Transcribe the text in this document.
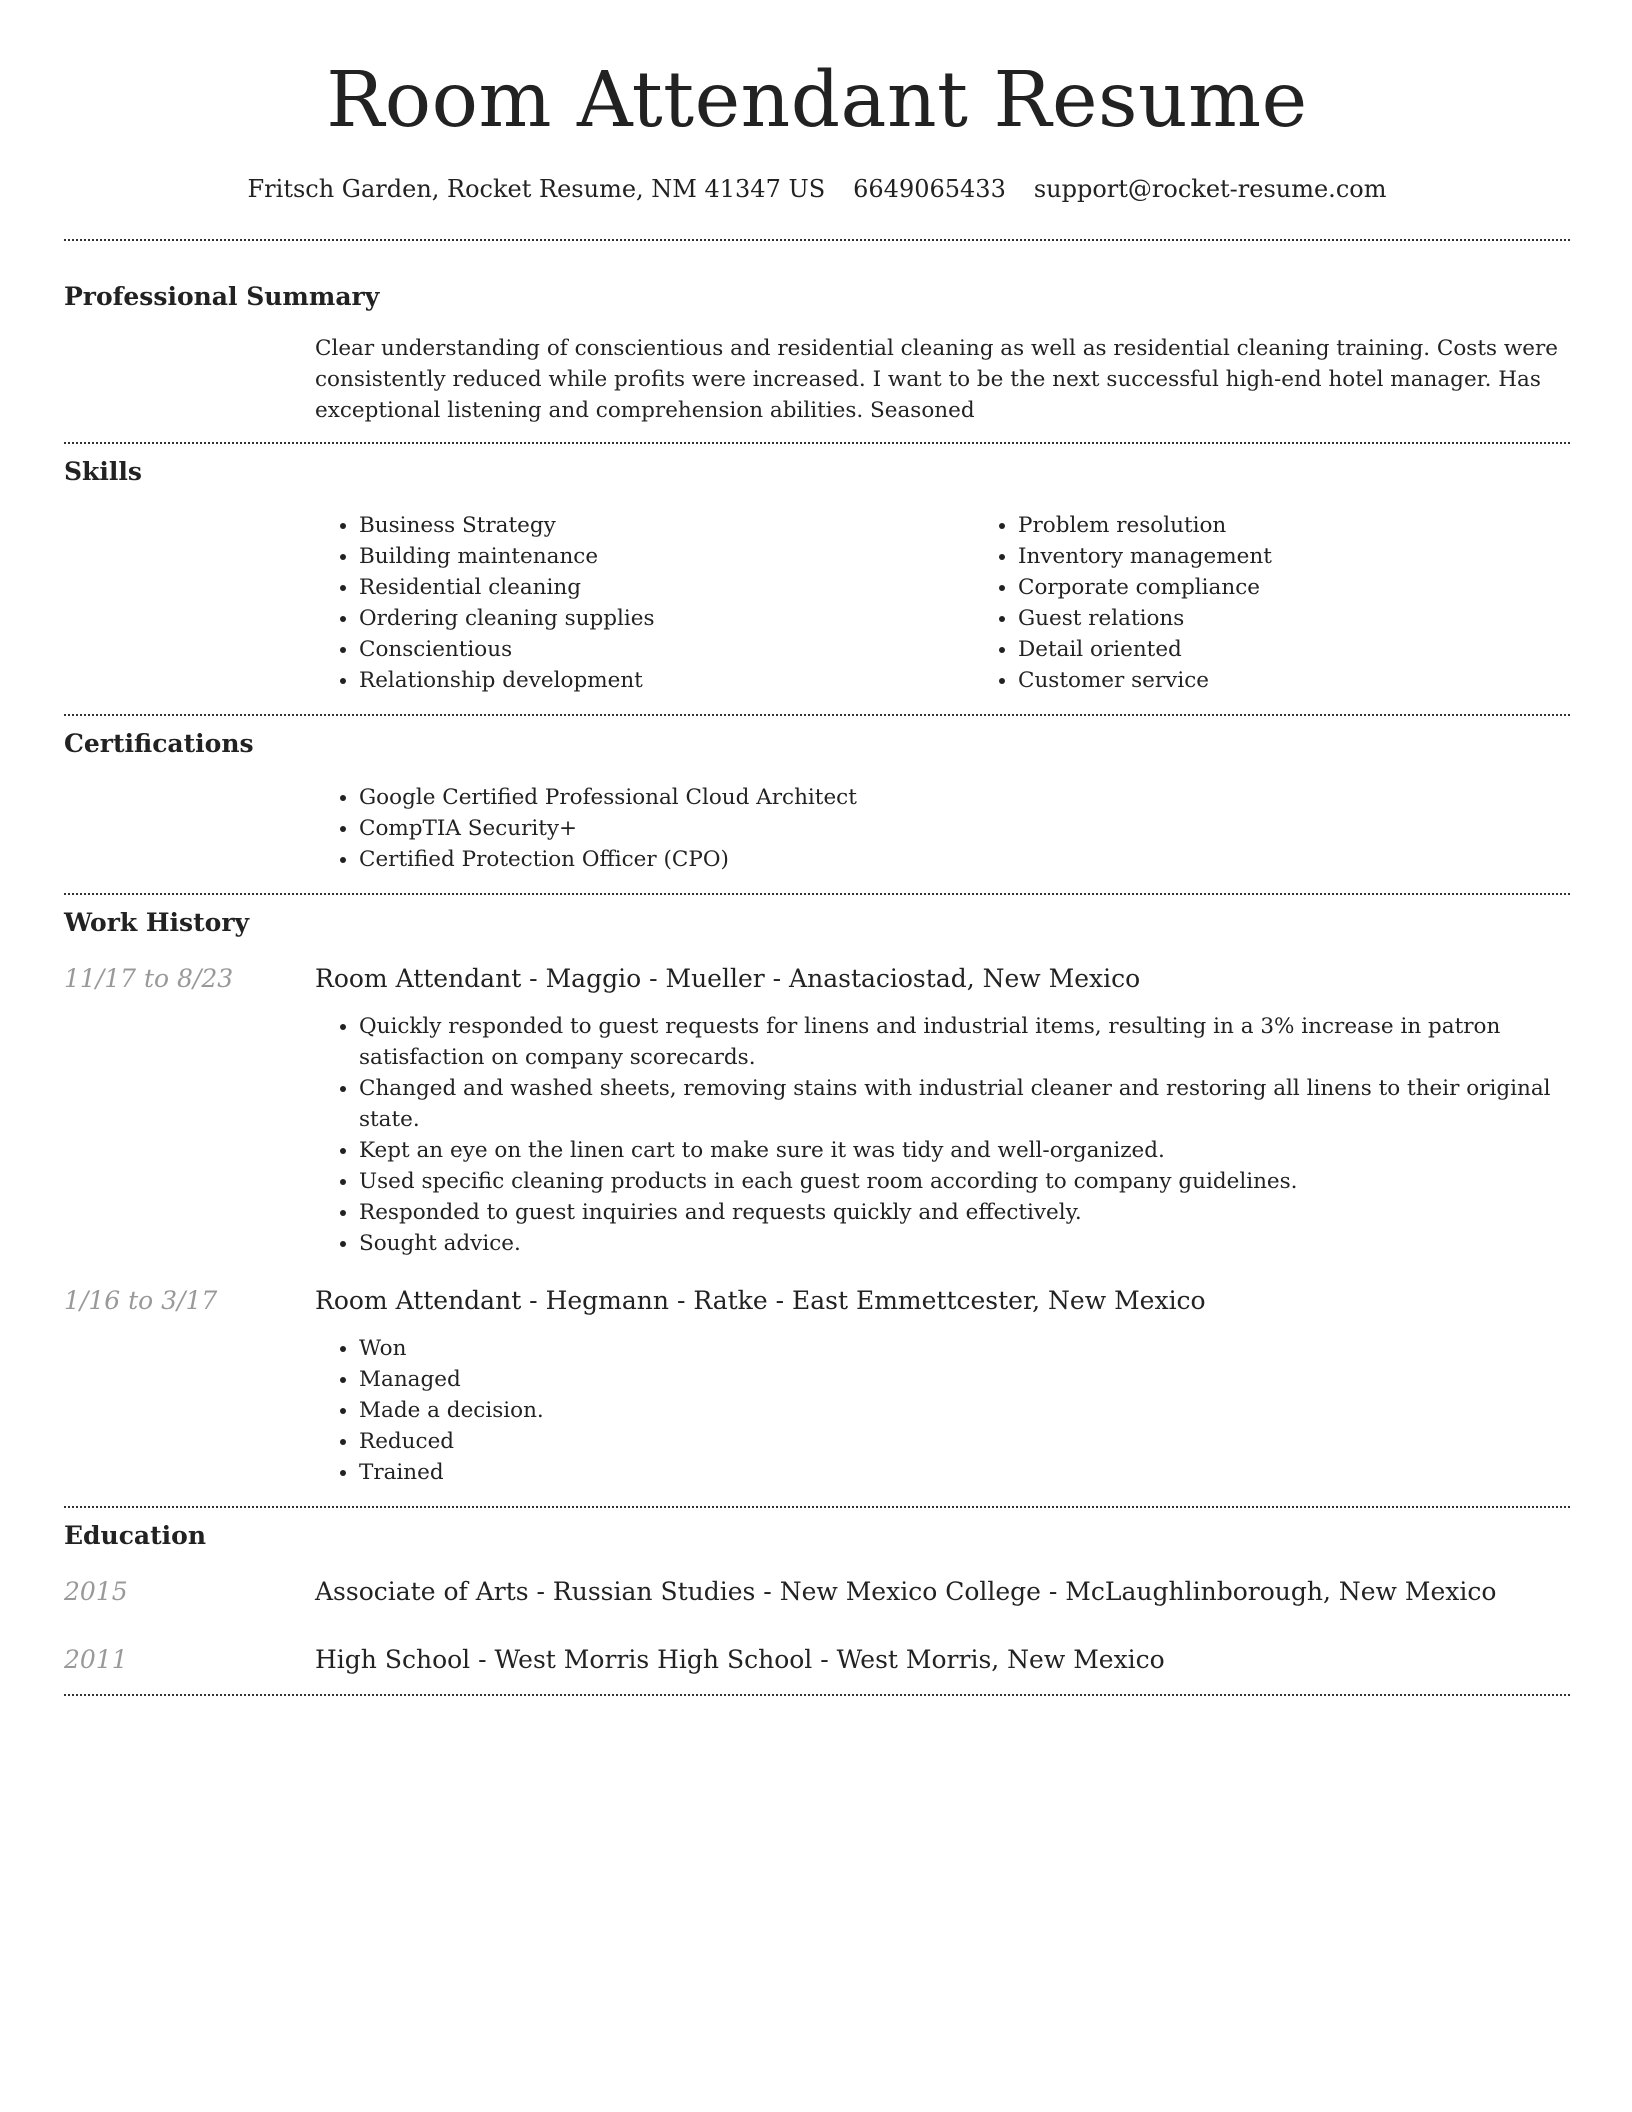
Room Attendant Resume
Fritsch Garden, Rocket Resume, NM 41347 US 6649065433 support@rocket-resume.com
Professional Summary
Clear understanding of conscientious and residential cleaning as well as residential cleaning training. Costs were consistently reduced while profits were increased. I want to be the next successful high-end hotel manager. Has exceptional listening and comprehension abilities. Seasoned
Skills
• Business Strategy
• Building maintenance
• Residential cleaning
• Ordering cleaning supplies
• Conscientious
• Relationship development
• Problem resolution
• Inventory management
• Corporate compliance
• Guest relations
• Detail oriented
• Customer service
Certifications
• Google Certified Professional Cloud Architect
• CompTIA Security+
• Certified Protection Officer (CPO)
Work History
11/17 to 8/23	Room Attendant - Maggio - Mueller - Anastaciostad, New Mexico
• Quickly responded to guest requests for linens and industrial items, resulting in a 3% increase in patron satisfaction on company scorecards.
• Changed and washed sheets, removing stains with industrial cleaner and restoring all linens to their original state.
• Kept an eye on the linen cart to make sure it was tidy and well-organized.
• Used specific cleaning products in each guest room according to company guidelines.
• Responded to guest inquiries and requests quickly and effectively.
• Sought advice.
1/16 to 3/17	Room Attendant - Hegmann - Ratke - East Emmettcester, New Mexico
• Won
• Managed
• Made a decision.
• Reduced
• Trained
Education
2015	Associate of Arts - Russian Studies - New Mexico College - McLaughlinborough, New Mexico
2011	High School - West Morris High School - West Morris, New Mexico
